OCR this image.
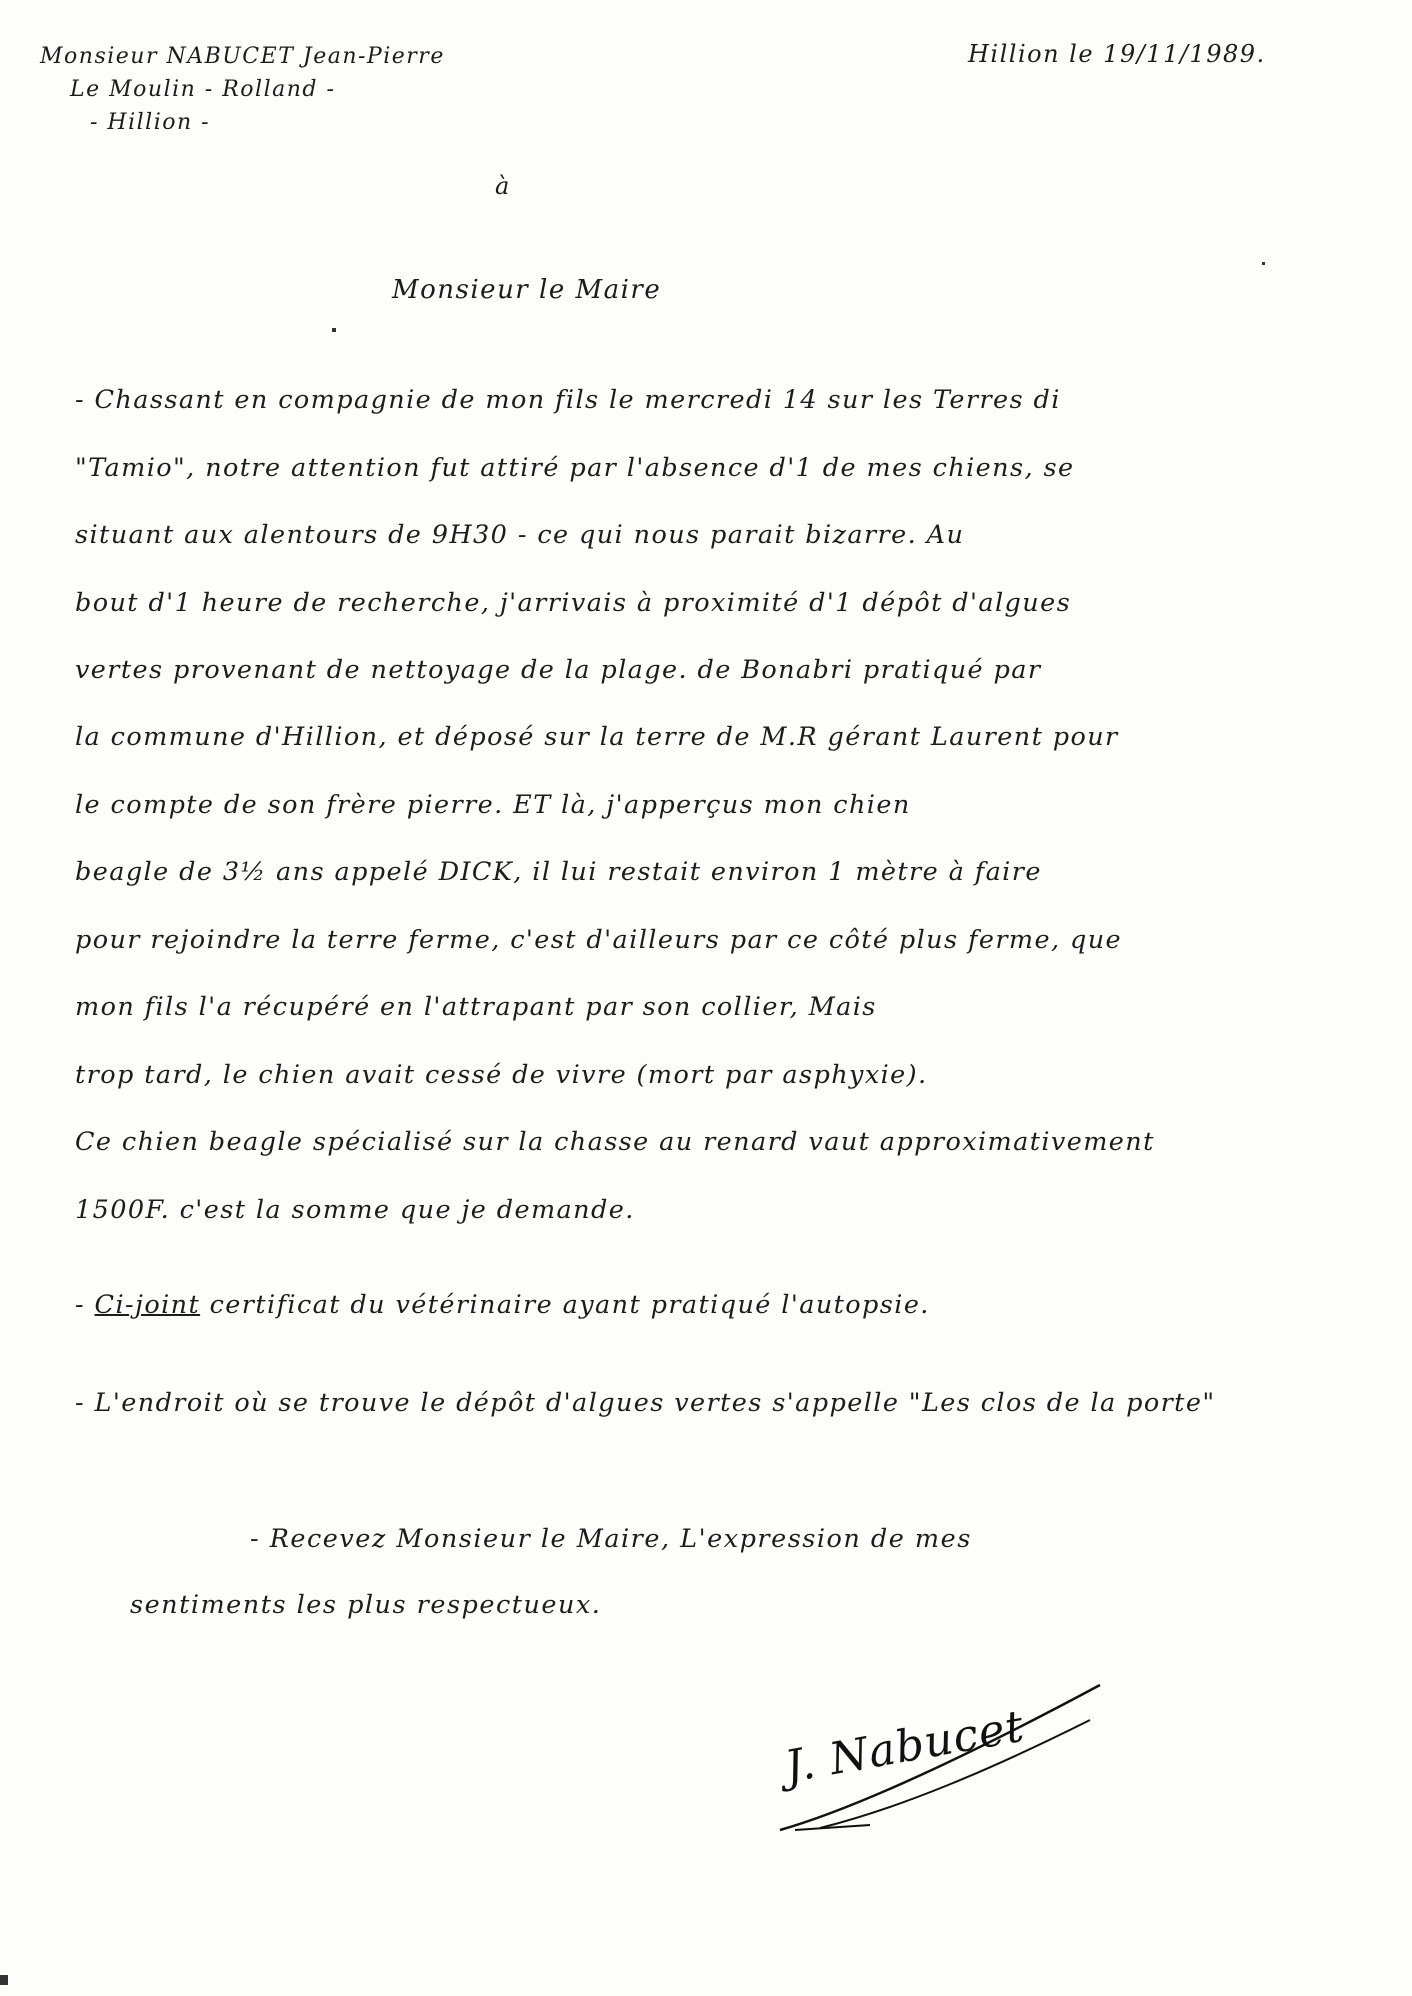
Monsieur NABUCET Jean-Pierre
Le Moulin - Rolland -
- Hillion -
Hillion le 19/11/1989.
à
Monsieur le Maire
- Chassant en compagnie de mon fils le mercredi 14 sur les Terres di
"Tamio", notre attention fut attiré par l'absence d'1 de mes chiens, se
situant aux alentours de 9H30 - ce qui nous parait bizarre. Au
bout d'1 heure de recherche, j'arrivais à proximité d'1 dépôt d'algues
vertes provenant de nettoyage de la plage. de Bonabri pratiqué par
la commune d'Hillion, et déposé sur la terre de M.R gérant Laurent pour
le compte de son frère pierre. ET là, j'apperçus mon chien
beagle de 3½ ans appelé DICK, il lui restait environ 1 mètre à faire
pour rejoindre la terre ferme, c'est d'ailleurs par ce côté plus ferme, que
mon fils l'a récupéré en l'attrapant par son collier, Mais
trop tard, le chien avait cessé de vivre (mort par asphyxie).
Ce chien beagle spécialisé sur la chasse au renard vaut approximativement
1500F. c'est la somme que je demande.
- Ci-joint certificat du vétérinaire ayant pratiqué l'autopsie.
- L'endroit où se trouve le dépôt d'algues vertes s'appelle "Les clos de la porte"
- Recevez Monsieur le Maire, L'expression de mes
sentiments les plus respectueux.
J. Nabucet
